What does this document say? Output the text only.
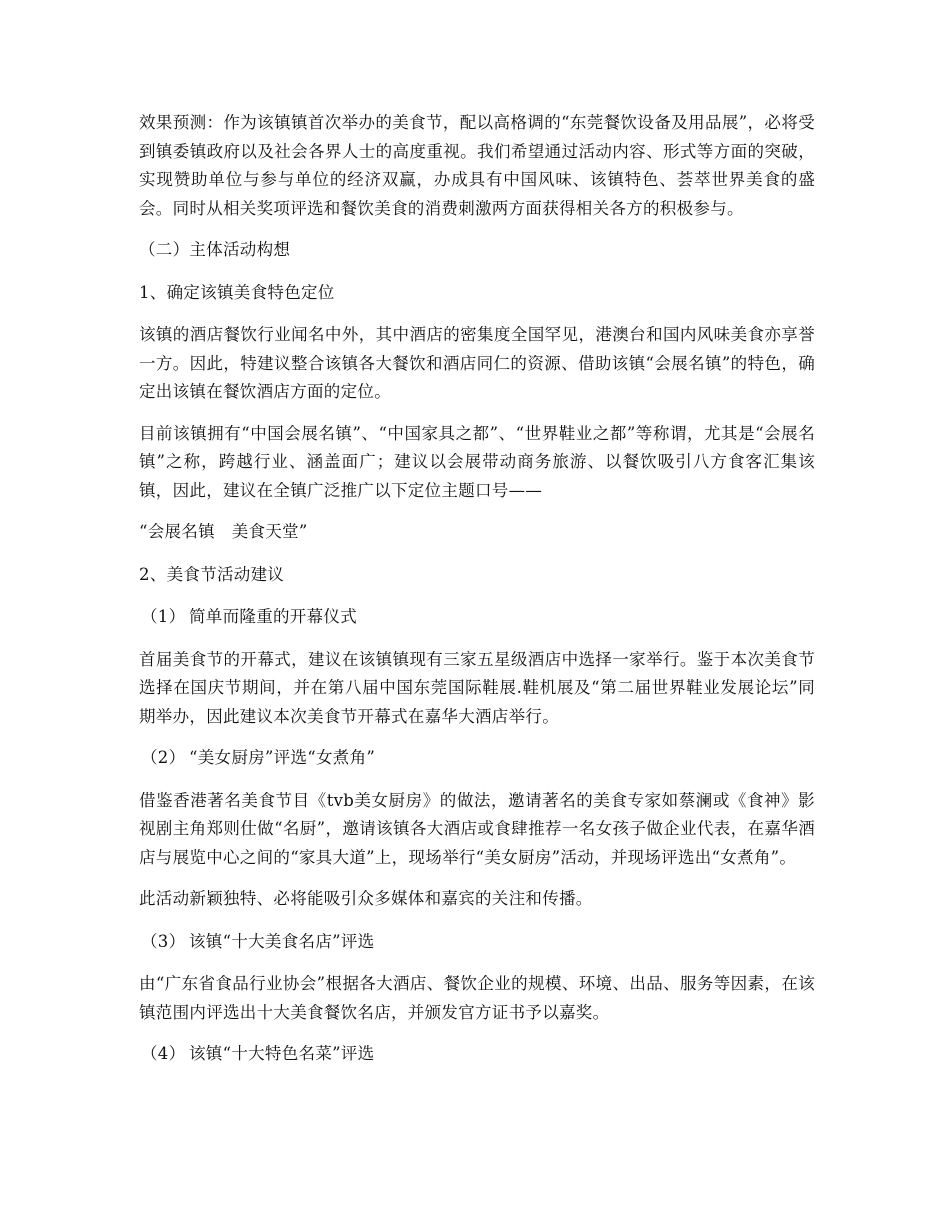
效果预测：作为该镇镇首次举办的美食节，配以高格调的“东莞餐饮设备及用品展”，必将受到镇委镇政府以及社会各界人士的高度重视。我们希望通过活动内容、形式等方面的突破，实现赞助单位与参与单位的经济双赢，办成具有中国风味、该镇特色、荟萃世界美食的盛会。同时从相关奖项评选和餐饮美食的消费刺激两方面获得相关各方的积极参与。

（二）主体活动构想

1、确定该镇美食特色定位

该镇的酒店餐饮行业闻名中外，其中酒店的密集度全国罕见，港澳台和国内风味美食亦享誉一方。因此，特建议整合该镇各大餐饮和酒店同仁的资源、借助该镇“会展名镇”的特色，确定出该镇在餐饮酒店方面的定位。

目前该镇拥有“中国会展名镇”、“中国家具之都”、“世界鞋业之都”等称谓，尤其是“会展名镇”之称，跨越行业、涵盖面广；建议以会展带动商务旅游、以餐饮吸引八方食客汇集该镇，因此，建议在全镇广泛推广以下定位主题口号——

“会展名镇　美食天堂”

2、美食节活动建议

（1） 简单而隆重的开幕仪式

首届美食节的开幕式，建议在该镇镇现有三家五星级酒店中选择一家举行。鉴于本次美食节选择在国庆节期间，并在第八届中国东莞国际鞋展.鞋机展及“第二届世界鞋业发展论坛”同期举办，因此建议本次美食节开幕式在嘉华大酒店举行。

（2） “美女厨房”评选“女煮角”

借鉴香港著名美食节目《tvb美女厨房》的做法，邀请著名的美食专家如蔡澜或《食神》影视剧主角郑则仕做“名厨”，邀请该镇各大酒店或食肆推荐一名女孩子做企业代表，在嘉华酒店与展览中心之间的“家具大道”上，现场举行“美女厨房”活动，并现场评选出“女煮角”。

此活动新颖独特、必将能吸引众多媒体和嘉宾的关注和传播。

（3） 该镇“十大美食名店”评选

由“广东省食品行业协会”根据各大酒店、餐饮企业的规模、环境、出品、服务等因素，在该镇范围内评选出十大美食餐饮名店，并颁发官方证书予以嘉奖。

（4） 该镇“十大特色名菜”评选
